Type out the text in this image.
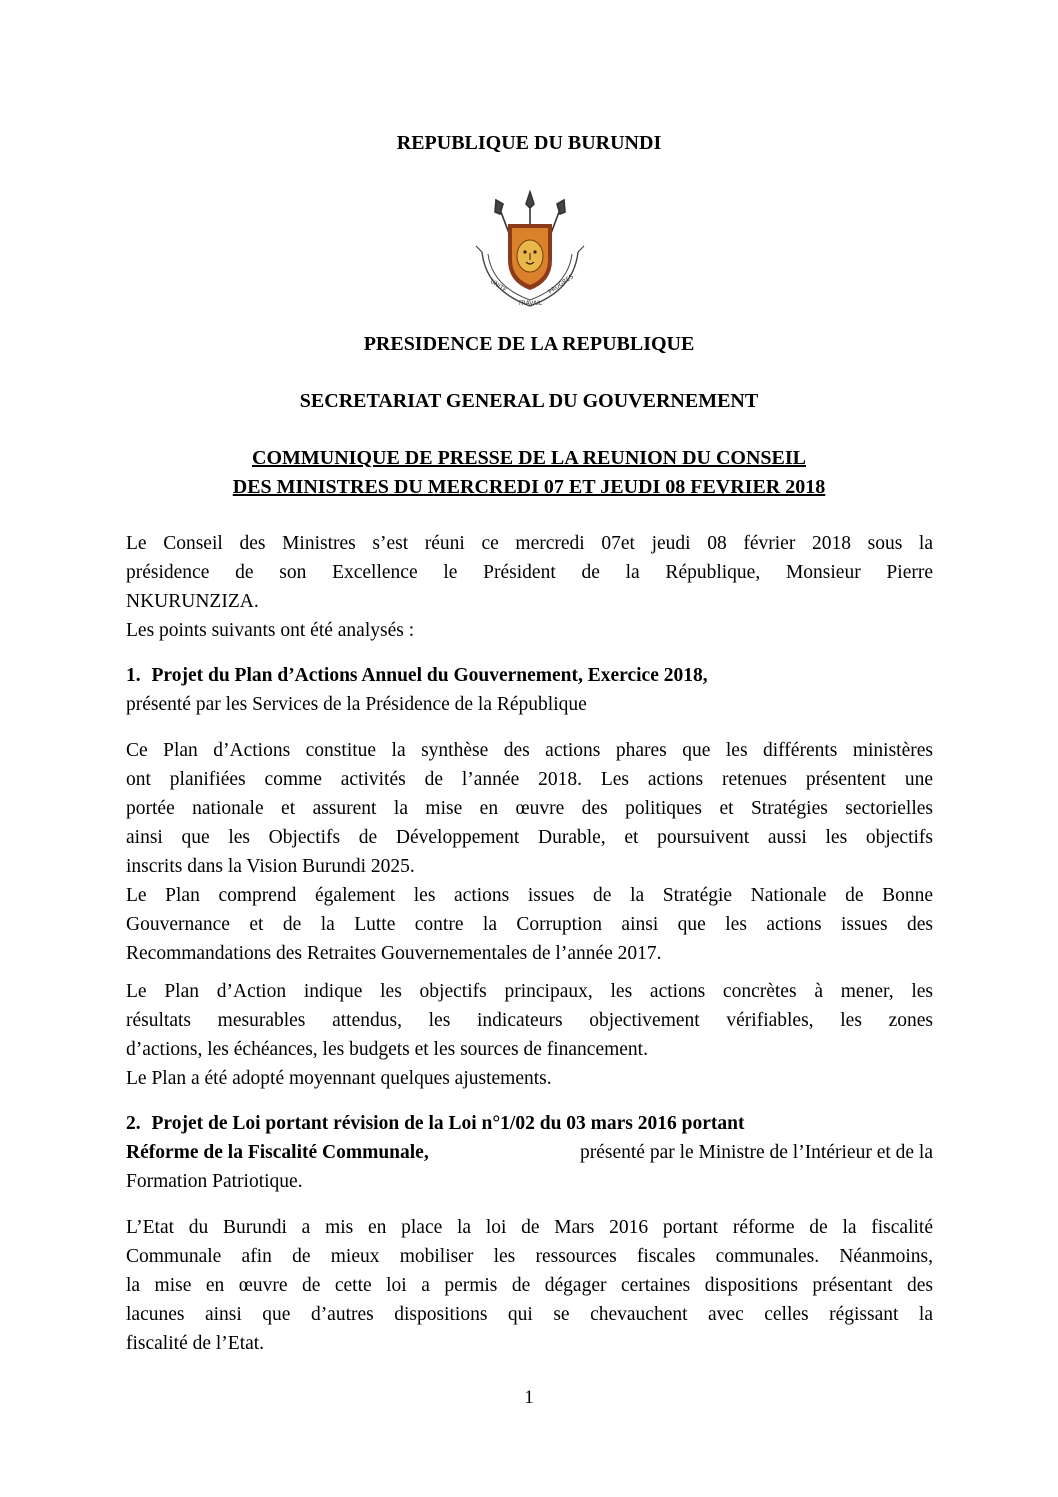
REPUBLIQUE DU BURUNDI
UNITE
TRAVAIL
PROGRES
PRESIDENCE DE LA REPUBLIQUE
SECRETARIAT GENERAL DU GOUVERNEMENT
COMMUNIQUE DE PRESSE DE LA REUNION DU CONSEIL
DES MINISTRES DU MERCREDI 07 ET JEUDI 08 FEVRIER 2018
Le Conseil des Ministres s’est réuni ce mercredi 07et jeudi 08 février 2018 sous la
présidence de son Excellence le Président de la République, Monsieur Pierre
NKURUNZIZA.
Les points suivants ont été analysés :
1. Projet du Plan d’Actions Annuel du Gouvernement, Exercice 2018,
présenté par les Services de la Présidence de la République
Ce Plan d’Actions constitue la synthèse des actions phares que les différents ministères
ont planifiées comme activités de l’année 2018. Les actions retenues présentent une
portée nationale et assurent la mise en œuvre des politiques et Stratégies sectorielles
ainsi que les Objectifs de Développement Durable, et poursuivent aussi les objectifs
inscrits dans la Vision Burundi 2025.
Le Plan comprend également les actions issues de la Stratégie Nationale de Bonne
Gouvernance et de la Lutte contre la Corruption ainsi que les actions issues des
Recommandations des Retraites Gouvernementales de l’année 2017.
Le Plan d’Action indique les objectifs principaux, les actions concrètes à mener, les
résultats mesurables attendus, les indicateurs objectivement vérifiables, les zones
d’actions, les échéances, les budgets et les sources de financement.
Le Plan a été adopté moyennant quelques ajustements.
2. Projet de Loi portant révision de la Loi n°1/02 du 03 mars 2016 portant
Réforme de la Fiscalité Communale,	présenté par le Ministre de l’Intérieur et de la
Formation Patriotique.
L’Etat du Burundi a mis en place la loi de Mars 2016 portant réforme de la fiscalité
Communale afin de mieux mobiliser les ressources fiscales communales. Néanmoins,
la mise en œuvre de cette loi a permis de dégager certaines dispositions présentant des
lacunes ainsi que d’autres dispositions qui se chevauchent avec celles régissant la
fiscalité de l’Etat.
1
